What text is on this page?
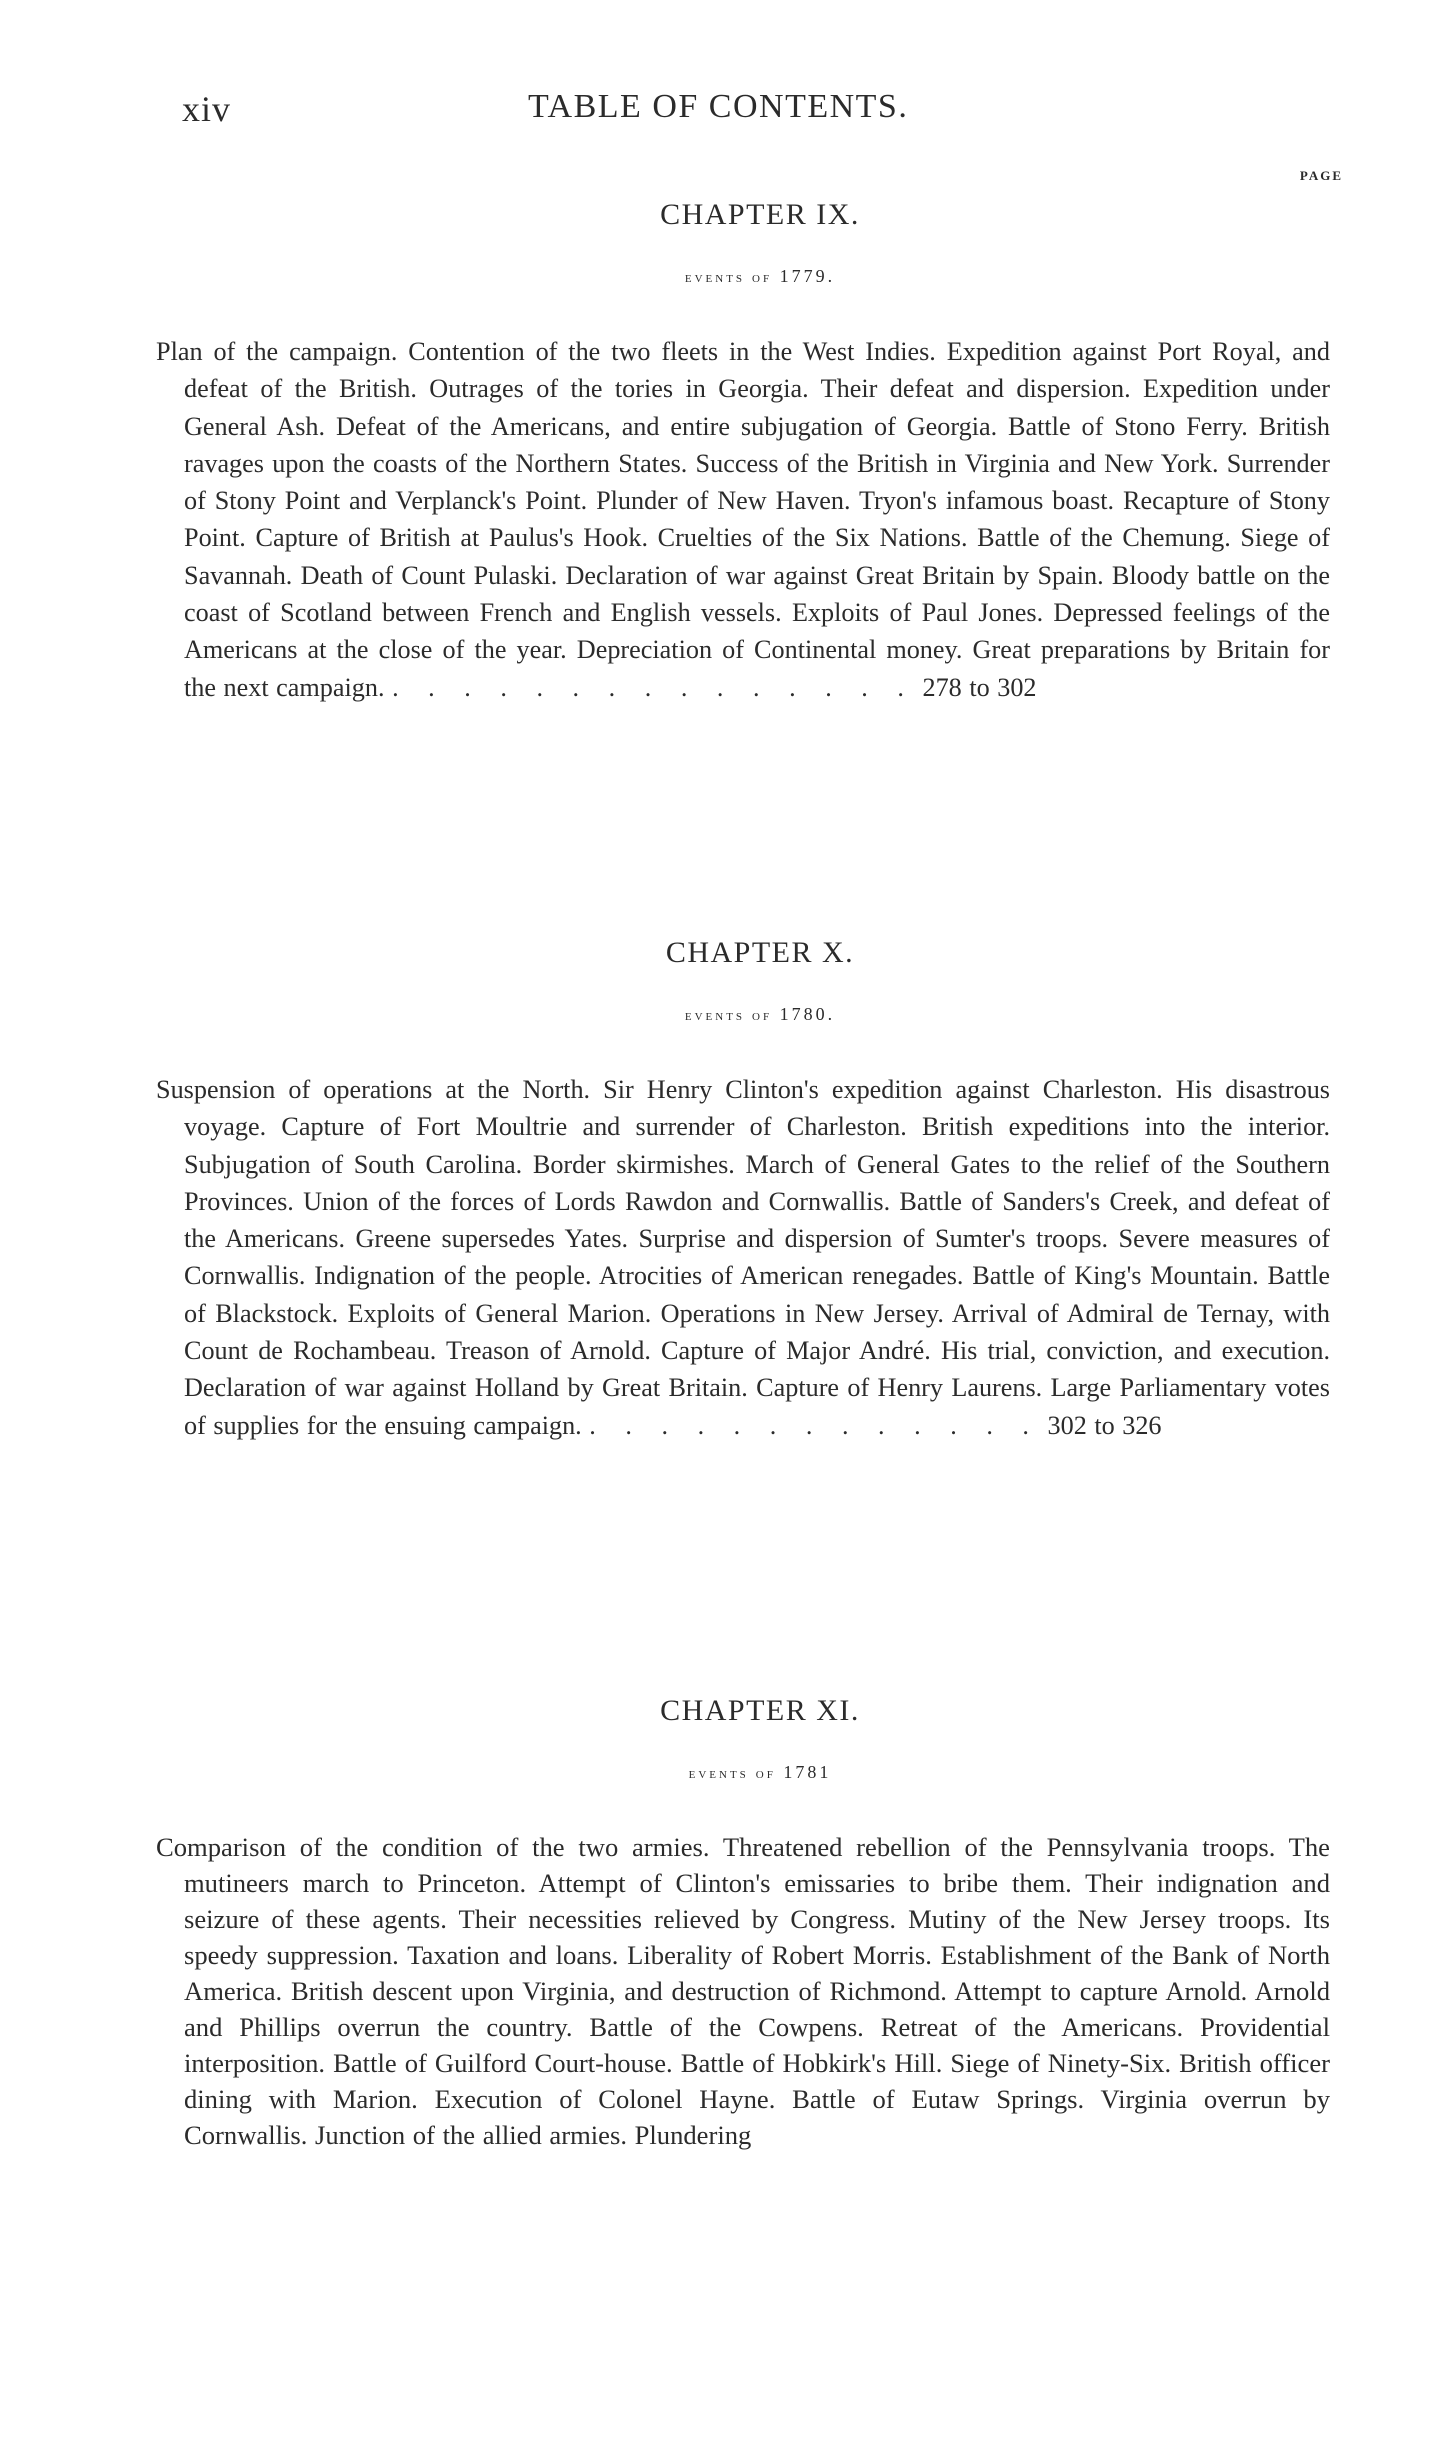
xiv	TABLE OF CONTENTS.
PAGE
CHAPTER IX.
events of 1779.
Plan of the campaign. Contention of the two fleets in the West Indies. Expedition against Port Royal, and defeat of the British. Outrages of the tories in Georgia. Their defeat and dispersion. Expedition under General Ash. Defeat of the Americans, and entire subjugation of Georgia. Battle of Stono Ferry. British ravages upon the coasts of the Northern States. Success of the British in Virginia and New York. Surrender of Stony Point and Verplanck's Point. Plunder of New Haven. Tryon's infamous boast. Recapture of Stony Point. Capture of British at Paulus's Hook. Cruelties of the Six Nations. Battle of the Chemung. Siege of Savannah. Death of Count Pulaski. Declaration of war against Great Britain by Spain. Bloody battle on the coast of Scotland between French and English vessels. Exploits of Paul Jones. Depressed feelings of the Americans at the close of the year. Depreciation of Continental money. Great preparations by Britain for the next campaign. . . . . . . . . . . . . . . . 278 to 302
CHAPTER X.
events of 1780.
Suspension of operations at the North. Sir Henry Clinton's expedition against Charleston. His disastrous voyage. Capture of Fort Moultrie and surrender of Charleston. British expeditions into the interior. Subjugation of South Carolina. Border skirmishes. March of General Gates to the relief of the Southern Provinces. Union of the forces of Lords Rawdon and Cornwallis. Battle of Sanders's Creek, and defeat of the Americans. Greene supersedes Yates. Surprise and dispersion of Sumter's troops. Severe measures of Cornwallis. Indignation of the people. Atrocities of American renegades. Battle of King's Mountain. Battle of Blackstock. Exploits of General Marion. Operations in New Jersey. Arrival of Admiral de Ternay, with Count de Rochambeau. Treason of Arnold. Capture of Major André. His trial, conviction, and execution. Declaration of war against Holland by Great Britain. Capture of Henry Laurens. Large Parliamentary votes of supplies for the ensuing campaign. . . . . . . . . . . . . . 302 to 326
CHAPTER XI.
events of 1781
Comparison of the condition of the two armies. Threatened rebellion of the Pennsylvania troops. The mutineers march to Princeton. Attempt of Clinton's emissaries to bribe them. Their indignation and seizure of these agents. Their necessities relieved by Congress. Mutiny of the New Jersey troops. Its speedy suppression. Taxation and loans. Liberality of Robert Morris. Establishment of the Bank of North America. British descent upon Virginia, and destruction of Richmond. Attempt to capture Arnold. Arnold and Phillips overrun the country. Battle of the Cowpens. Retreat of the Americans. Providential interposition. Battle of Guilford Court-house. Battle of Hobkirk's Hill. Siege of Ninety-Six. British officer dining with Marion. Execution of Colonel Hayne. Battle of Eutaw Springs. Virginia overrun by Cornwallis. Junction of the allied armies. Plundering
